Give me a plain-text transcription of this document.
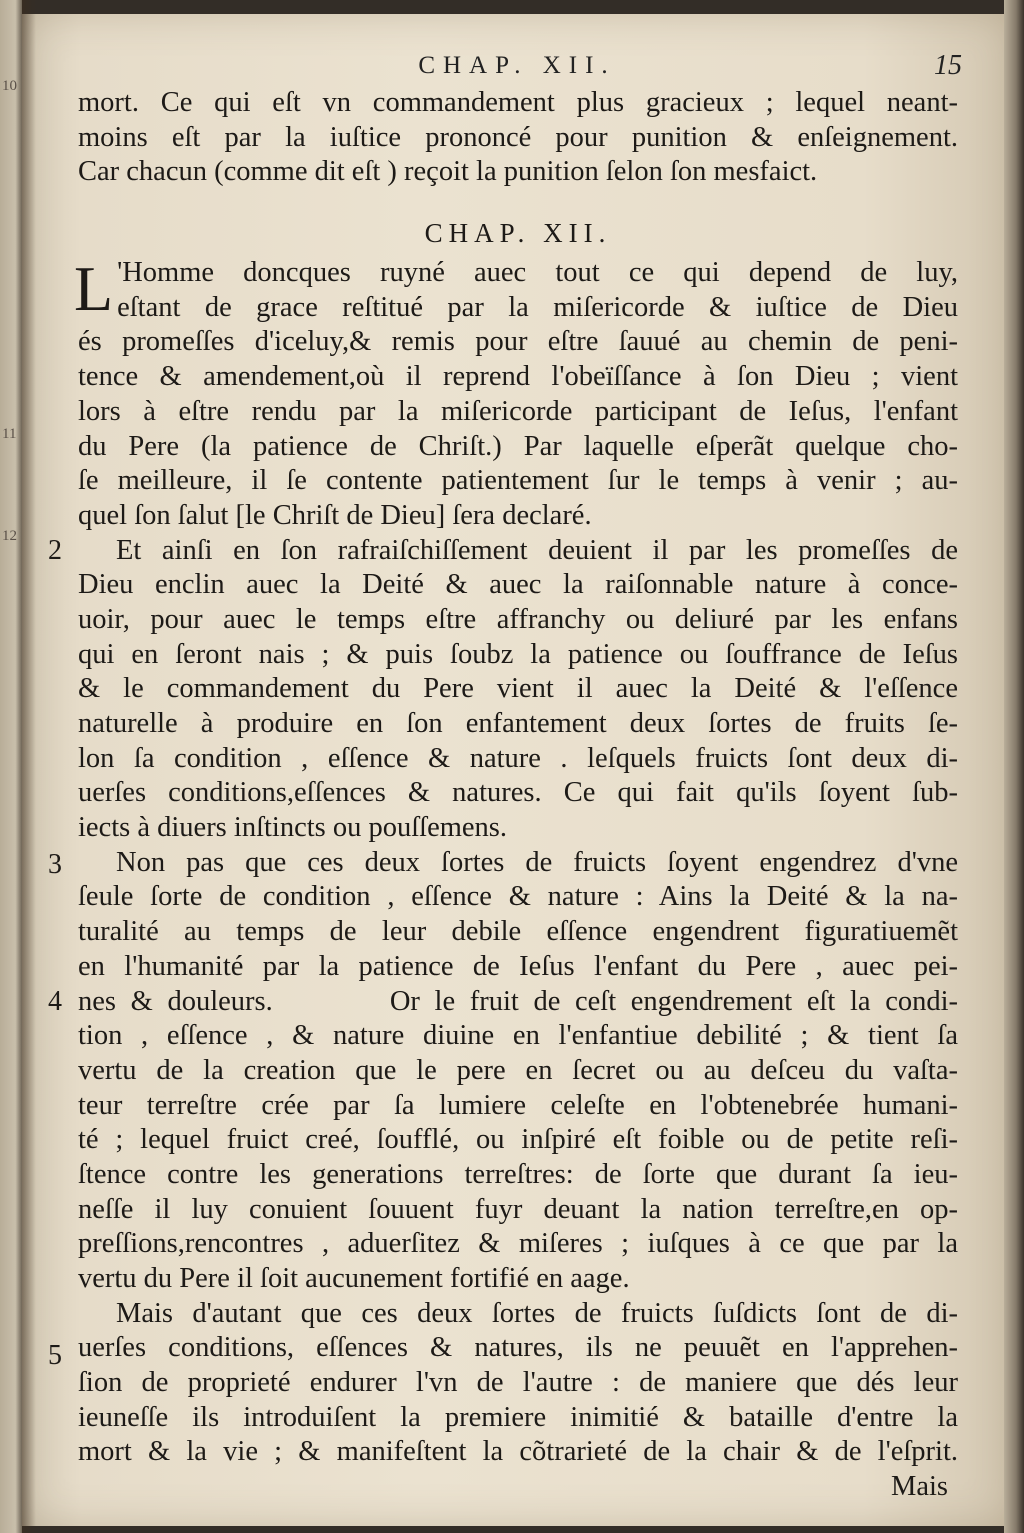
10
11
12
CHAP. XII.	15
mort. Ce qui eſt vn commandement plus gracieux ; lequel neant-
moins eſt par la iuſtice prononcé pour punition & enſeignement.
Car chacun (comme dit eſt ) reçoit la punition ſelon ſon mesfaict.
CHAP. XII.
L 'Homme doncques ruyné auec tout ce qui depend de luy,
eſtant de grace reſtitué par la miſericorde & iuſtice de Dieu
és promeſſes d'iceluy,& remis pour eſtre ſauué au chemin de peni-
tence & amendement,où il reprend l'obeïſſance à ſon Dieu ; vient
lors à eſtre rendu par la miſericorde participant de Ieſus, l'enfant
du Pere (la patience de Chriſt.) Par laquelle eſperãt quelque cho-
ſe meilleure, il ſe contente patientement ſur le temps à venir ; au-
quel ſon ſalut [le Chriſt de Dieu] ſera declaré.
2	Et ainſi en ſon rafraiſchiſſement deuient il par les promeſſes de
Dieu enclin auec la Deité & auec la raiſonnable nature à conce-
uoir, pour auec le temps eſtre affranchy ou deliuré par les enfans
qui en ſeront nais ; & puis ſoubz la patience ou ſouffrance de Ieſus
& le commandement du Pere vient il auec la Deité & l'eſſence
naturelle à produire en ſon enfantement deux ſortes de fruits ſe-
lon ſa condition , eſſence & nature . leſquels fruicts ſont deux di-
uerſes conditions,eſſences & natures. Ce qui fait qu'ils ſoyent ſub-
iects à diuers inſtincts ou pouſſemens.
3	Non pas que ces deux ſortes de fruicts ſoyent engendrez d'vne
ſeule ſorte de condition , eſſence & nature : Ains la Deité & la na-
turalité au temps de leur debile eſſence engendrent figuratiuemẽt
en l'humanité par la patience de Ieſus l'enfant du Pere , auec pei-
4 nes & douleurs.        Or le fruit de ceſt engendrement eſt la condi-
tion , eſſence , & nature diuine en l'enfantiue debilité ; & tient ſa
vertu de la creation que le pere en ſecret ou au deſceu du vaſta-
teur terreſtre crée par ſa lumiere celeſte en l'obtenebrée humani-
té ; lequel fruict creé, ſoufflé, ou inſpiré eſt foible ou de petite reſi-
ſtence contre les generations terreſtres: de ſorte que durant ſa ieu-
neſſe il luy conuient ſouuent fuyr deuant la nation terreſtre,en op-
preſſions,rencontres , aduerſitez & miſeres ; iuſques à ce que par la
vertu du Pere il ſoit aucunement fortifié en aage.
5
Mais d'autant que ces deux ſortes de fruicts ſuſdicts ſont de di-
uerſes conditions, eſſences & natures, ils ne peuuẽt en l'apprehen-
ſion de proprieté endurer l'vn de l'autre : de maniere que dés leur
ieuneſſe ils introduiſent la premiere inimitié & bataille d'entre la
mort & la vie ; & manifeſtent la cõtrarieté de la chair & de l'eſprit.
Mais
